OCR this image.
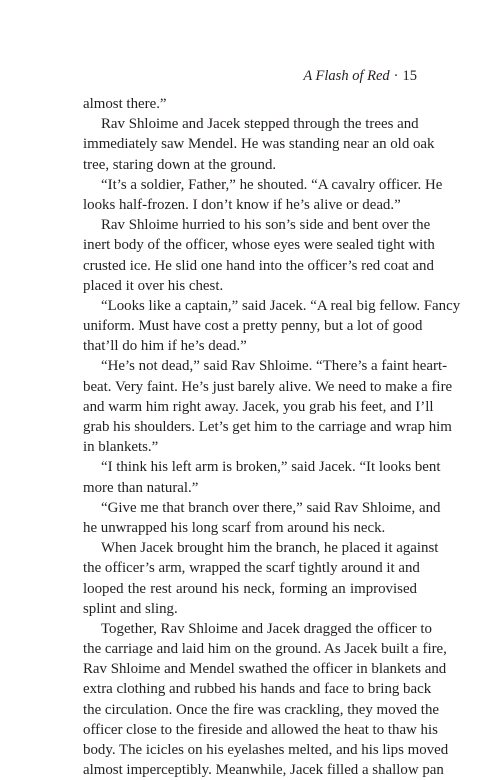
A Flash of Red · 15
almost there.”
Rav Shloime and Jacek stepped through the trees and
immediately saw Mendel. He was standing near an old oak
tree, staring down at the ground.
“It’s a soldier, Father,” he shouted. “A cavalry officer. He
looks half-frozen. I don’t know if he’s alive or dead.”
Rav Shloime hurried to his son’s side and bent over the
inert body of the officer, whose eyes were sealed tight with
crusted ice. He slid one hand into the officer’s red coat and
placed it over his chest.
“Looks like a captain,” said Jacek. “A real big fellow. Fancy
uniform. Must have cost a pretty penny, but a lot of good
that’ll do him if he’s dead.”
“He’s not dead,” said Rav Shloime. “There’s a faint heart-
beat. Very faint. He’s just barely alive. We need to make a fire
and warm him right away. Jacek, you grab his feet, and I’ll
grab his shoulders. Let’s get him to the carriage and wrap him
in blankets.”
“I think his left arm is broken,” said Jacek. “It looks bent
more than natural.”
“Give me that branch over there,” said Rav Shloime, and
he unwrapped his long scarf from around his neck.
When Jacek brought him the branch, he placed it against
the officer’s arm, wrapped the scarf tightly around it and
looped the rest around his neck, forming an improvised
splint and sling.
Together, Rav Shloime and Jacek dragged the officer to
the carriage and laid him on the ground. As Jacek built a fire,
Rav Shloime and Mendel swathed the officer in blankets and
extra clothing and rubbed his hands and face to bring back
the circulation. Once the fire was crackling, they moved the
officer close to the fireside and allowed the heat to thaw his
body. The icicles on his eyelashes melted, and his lips moved
almost imperceptibly. Meanwhile, Jacek filled a shallow pan
